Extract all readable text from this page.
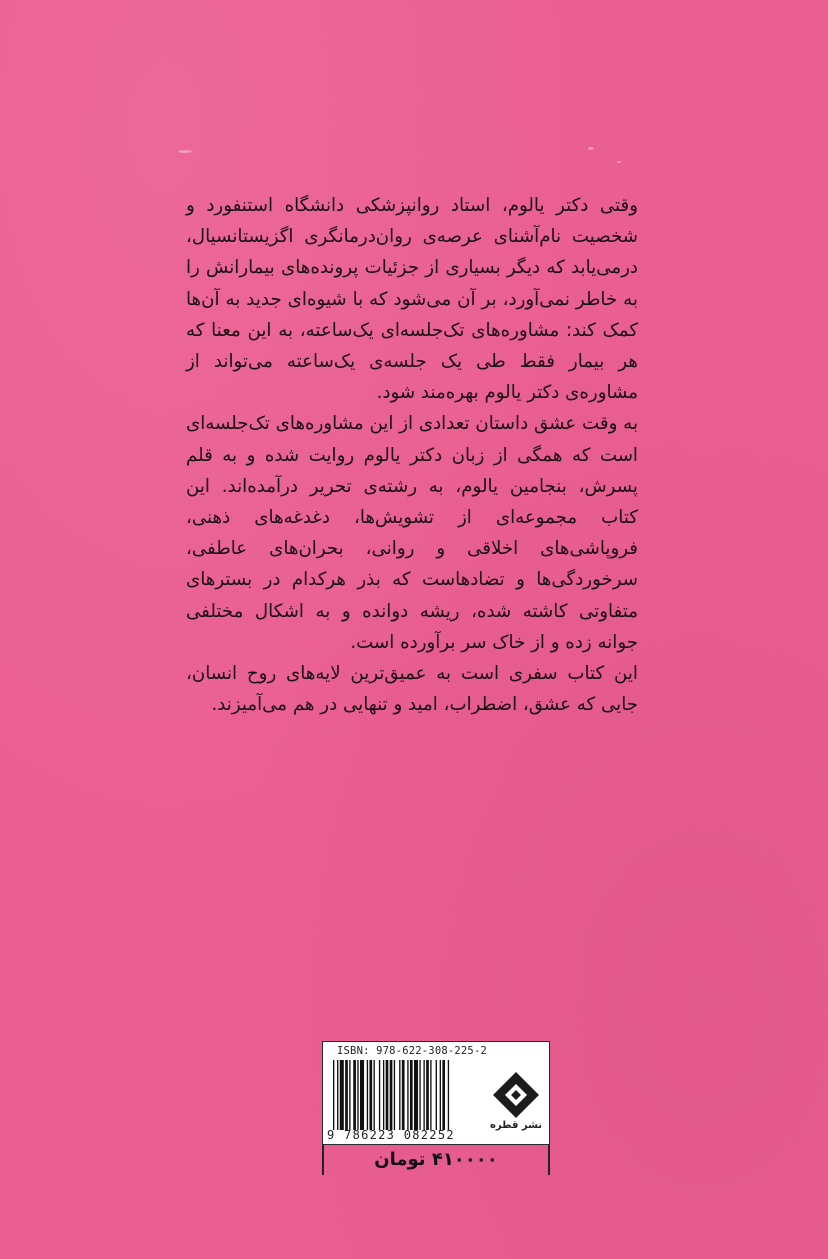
وقتی دکتر یالوم، استاد روانپزشکی دانشگاه استنفورد و شخصیت نام‌آشنای عرصه‌ی روان‌درمانگری اگزیستانسیال، درمی‌یابد که دیگر بسیاری از جزئیات پرونده‌های بیمارانش را به خاطر نمی‌آورد، بر آن می‌شود که با شیوه‌ای جدید به آن‌ها کمک کند: مشاوره‌های تک‌جلسه‌ای یک‌ساعته، به این معنا که هر بیمار فقط طی یک جلسه‌ی یک‌ساعته می‌تواند از مشاوره‌ی دکتر یالوم بهره‌مند شود.

به وقت عشق داستان تعدادی از این مشاوره‌های تک‌جلسه‌ای است که همگی از زبان دکتر یالوم روایت شده و به قلم پسرش، بنجامین یالوم، به رشته‌ی تحریر درآمده‌اند. این کتاب مجموعه‌ای از تشویش‌ها، دغدغه‌های ذهنی، فروپاشی‌های اخلاقی و روانی، بحران‌های عاطفی، سرخوردگی‌ها و تضادهاست که بذر هرکدام در بسترهای متفاوتی کاشته شده، ریشه دوانده و به اشکال مختلفی جوانه زده و از خاک سر برآورده است.

این کتاب سفری است به عمیق‌ترین لایه‌های روح انسان، جایی که عشق، اضطراب، امید و تنهایی در هم می‌آمیزند.

ISBN: 978-622-308-225-2
9 786223 082252
نشر قطره
۴۱۰۰۰۰ تومان
